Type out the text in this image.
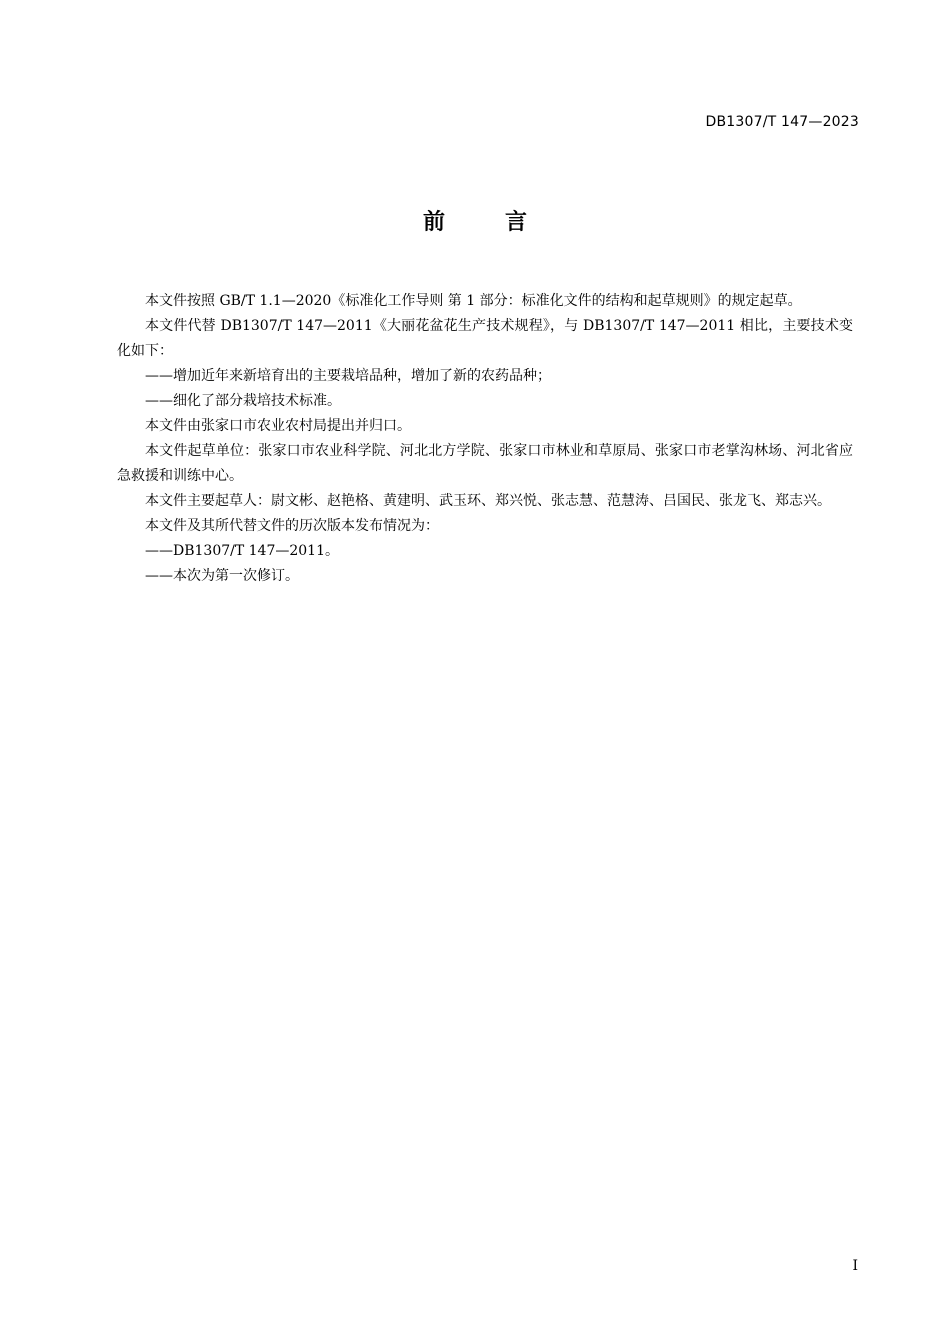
DB1307/T 147—2023
前言

本文件按照 GB/T 1.1—2020《标准化工作导则 第 1 部分：标准化文件的结构和起草规则》的规定起草。

本文件代替 DB1307/T 147—2011《大丽花盆花生产技术规程》，与 DB1307/T 147—2011 相比，主要技术变化如下：

——增加近年来新培育出的主要栽培品种，增加了新的农药品种；

——细化了部分栽培技术标准。

本文件由张家口市农业农村局提出并归口。

本文件起草单位：张家口市农业科学院、河北北方学院、张家口市林业和草原局、张家口市老掌沟林场、河北省应急救援和训练中心。

本文件主要起草人：尉文彬、赵艳格、黄建明、武玉环、郑兴悦、张志慧、范慧涛、吕国民、张龙飞、郑志兴。

本文件及其所代替文件的历次版本发布情况为：

——DB1307/T 147—2011。

——本次为第一次修订。

I
